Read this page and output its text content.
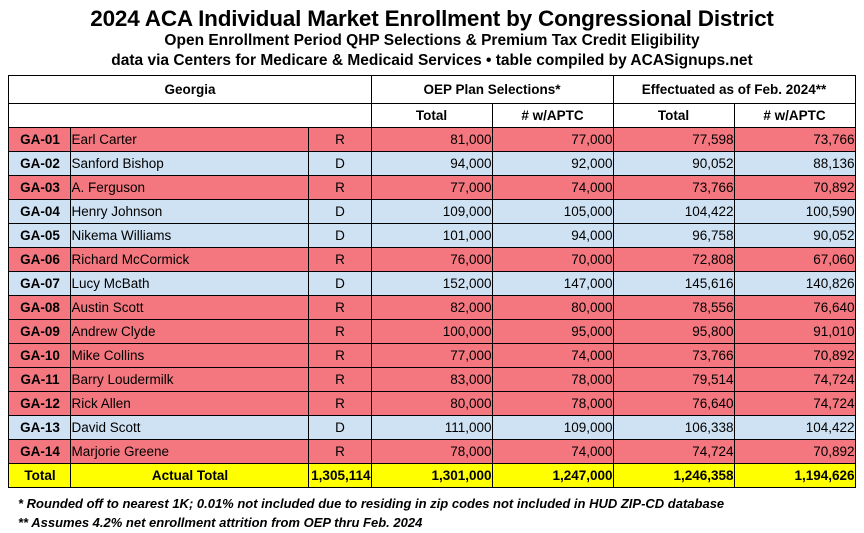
2024 ACA Individual Market Enrollment by Congressional District
Open Enrollment Period QHP Selections & Premium Tax Credit Eligibility
data via Centers for Medicare & Medicaid Services • table compiled by ACASignups.net
Georgia			OEP Plan Selections*		Effectuated as of Feb. 2024**	
			Total	# w/APTC	Total	# w/APTC
GA-01	Earl Carter	R	81,000	77,000	77,598	73,766
GA-02	Sanford Bishop	D	94,000	92,000	90,052	88,136
GA-03	A. Ferguson	R	77,000	74,000	73,766	70,892
GA-04	Henry Johnson	D	109,000	105,000	104,422	100,590
GA-05	Nikema Williams	D	101,000	94,000	96,758	90,052
GA-06	Richard McCormick	R	76,000	70,000	72,808	67,060
GA-07	Lucy McBath	D	152,000	147,000	145,616	140,826
GA-08	Austin Scott	R	82,000	80,000	78,556	76,640
GA-09	Andrew Clyde	R	100,000	95,000	95,800	91,010
GA-10	Mike Collins	R	77,000	74,000	73,766	70,892
GA-11	Barry Loudermilk	R	83,000	78,000	79,514	74,724
GA-12	Rick Allen	R	80,000	78,000	76,640	74,724
GA-13	David Scott	D	111,000	109,000	106,338	104,422
GA-14	Marjorie Greene	R	78,000	74,000	74,724	70,892
Total	Actual Total	1,305,114	1,301,000	1,247,000	1,246,358	1,194,626
* Rounded off to nearest 1K; 0.01% not included due to residing in zip codes not included in HUD ZIP-CD database
** Assumes 4.2% net enrollment attrition from OEP thru Feb. 2024
